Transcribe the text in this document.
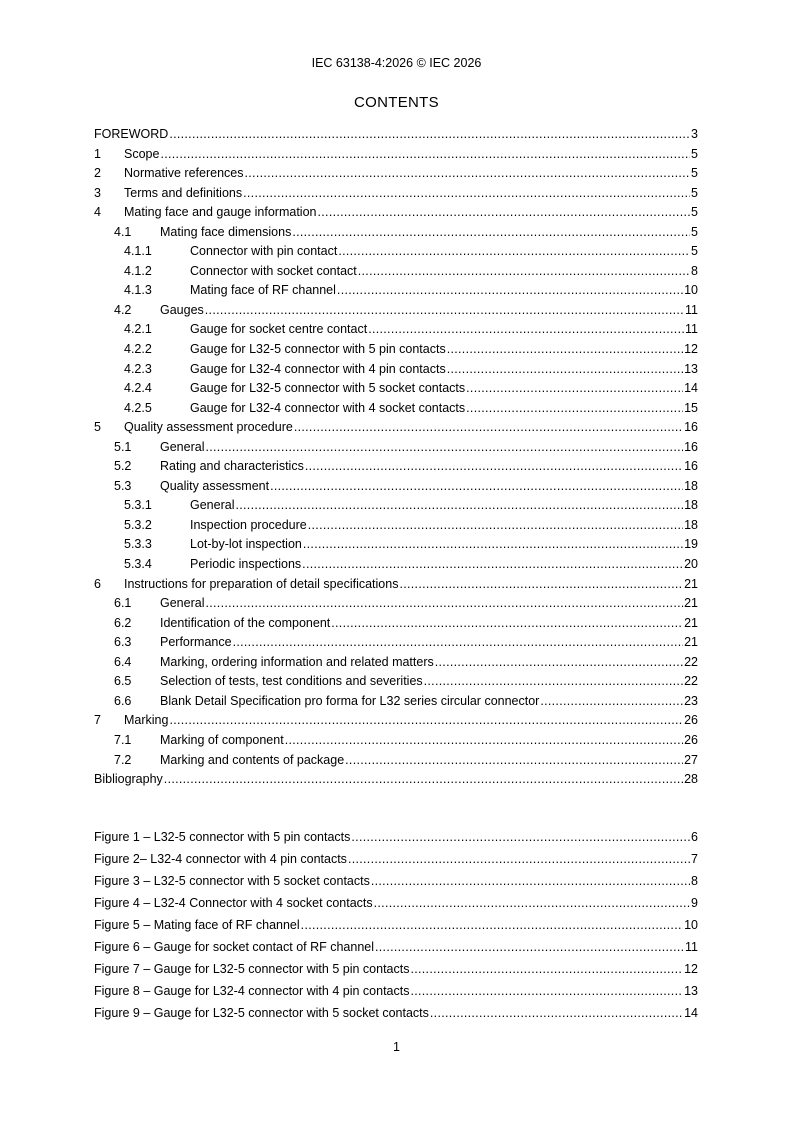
IEC 63138-4:2026 © IEC 2026
CONTENTS
FOREWORD .....	3
1	Scope .....	5
2	Normative references .....	5
3	Terms and definitions .....	5
4	Mating face and gauge information .....	5
4.1	Mating face dimensions .....	5
4.1.1	Connector with pin contact .....	5
4.1.2	Connector with socket contact .....	8
4.1.3	Mating face of RF channel .....	10
4.2	Gauges .....	11
4.2.1	Gauge for socket centre contact .....	11
4.2.2	Gauge for L32-5 connector with 5 pin contacts .....	12
4.2.3	Gauge for L32-4 connector with 4 pin contacts .....	13
4.2.4	Gauge for L32-5 connector with 5 socket contacts .....	14
4.2.5	Gauge for L32-4 connector with 4 socket contacts .....	15
5	Quality assessment procedure .....	16
5.1	General .....	16
5.2	Rating and characteristics .....	16
5.3	Quality assessment .....	18
5.3.1	General .....	18
5.3.2	Inspection procedure .....	18
5.3.3	Lot-by-lot inspection .....	19
5.3.4	Periodic inspections .....	20
6	Instructions for preparation of detail specifications .....	21
6.1	General .....	21
6.2	Identification of the component .....	21
6.3	Performance .....	21
6.4	Marking, ordering information and related matters .....	22
6.5	Selection of tests, test conditions and severities .....	22
6.6	Blank Detail Specification pro forma for L32 series circular connector .....	23
7	Marking .....	26
7.1	Marking of component .....	26
7.2	Marking and contents of package .....	27
Bibliography .....	28
Figure 1 – L32-5 connector with 5 pin contacts .....	6
Figure 2– L32-4 connector with 4 pin contacts .....	7
Figure 3 – L32-5 connector with 5 socket contacts .....	8
Figure 4 – L32-4 Connector with 4 socket contacts .....	9
Figure 5 – Mating face of RF channel .....	10
Figure 6 – Gauge for socket contact of RF channel .....	11
Figure 7 – Gauge for L32-5 connector with 5 pin contacts .....	12
Figure 8 – Gauge for L32-4 connector with 4 pin contacts .....	13
Figure 9 – Gauge for L32-5 connector with 5 socket contacts .....	14
1
